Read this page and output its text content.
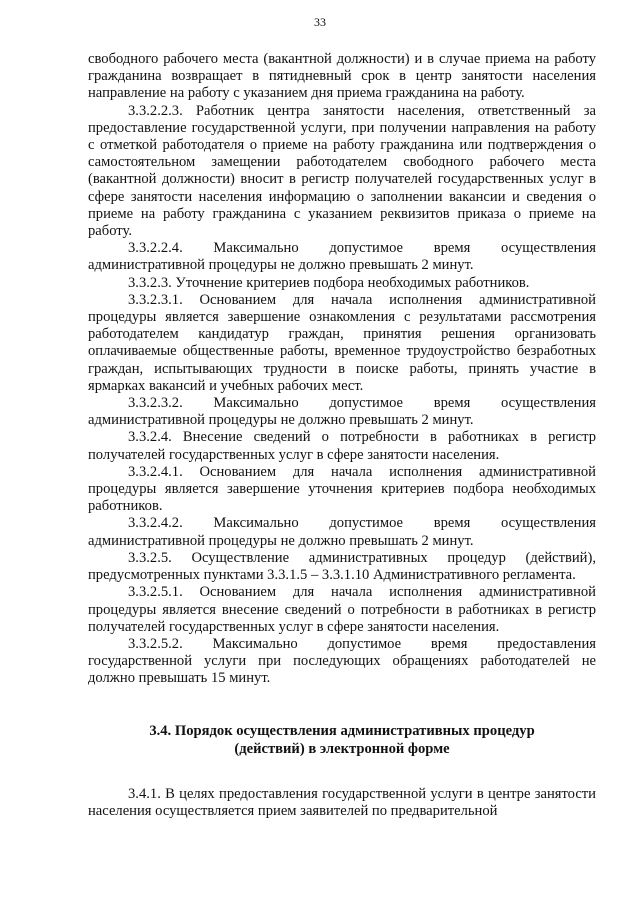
33

свободного рабочего места (вакантной должности) и в случае приема на работу гражданина возвращает в пятидневный срок в центр занятости населения направление на работу с указанием дня приема гражданина на работу.

3.3.2.2.3. Работник центра занятости населения, ответственный за предоставление государственной услуги, при получении направления на работу с отметкой работодателя о приеме на работу гражданина или подтверждения о самостоятельном замещении работодателем свободного рабочего места (вакантной должности) вносит в регистр получателей государственных услуг в сфере занятости населения информацию о заполнении вакансии и сведения о приеме на работу гражданина с указанием реквизитов приказа о приеме на работу.

3.3.2.2.4. Максимально допустимое время осуществления административной процедуры не должно превышать 2 минут.

3.3.2.3. Уточнение критериев подбора необходимых работников.

3.3.2.3.1. Основанием для начала исполнения административной процедуры является завершение ознакомления с результатами рассмотрения работодателем кандидатур граждан, принятия решения организовать оплачиваемые общественные работы, временное трудоустройство безработных граждан, испытывающих трудности в поиске работы, принять участие в ярмарках вакансий и учебных рабочих мест.

3.3.2.3.2. Максимально допустимое время осуществления административной процедуры не должно превышать 2 минут.

3.3.2.4. Внесение сведений о потребности в работниках в регистр получателей государственных услуг в сфере занятости населения.

3.3.2.4.1. Основанием для начала исполнения административной процедуры является завершение уточнения критериев подбора необходимых работников.

3.3.2.4.2. Максимально допустимое время осуществления административной процедуры не должно превышать 2 минут.

3.3.2.5. Осуществление административных процедур (действий), предусмотренных пунктами 3.3.1.5 – 3.3.1.10 Административного регламента.

3.3.2.5.1. Основанием для начала исполнения административной процедуры является внесение сведений о потребности в работниках в регистр получателей государственных услуг в сфере занятости населения.

3.3.2.5.2. Максимально допустимое время предоставления государственной услуги при последующих обращениях работодателей не должно превышать 15 минут.

3.4. Порядок осуществления административных процедур
(действий) в электронной форме

3.4.1. В целях предоставления государственной услуги в центре занятости населения осуществляется прием заявителей по предварительной
